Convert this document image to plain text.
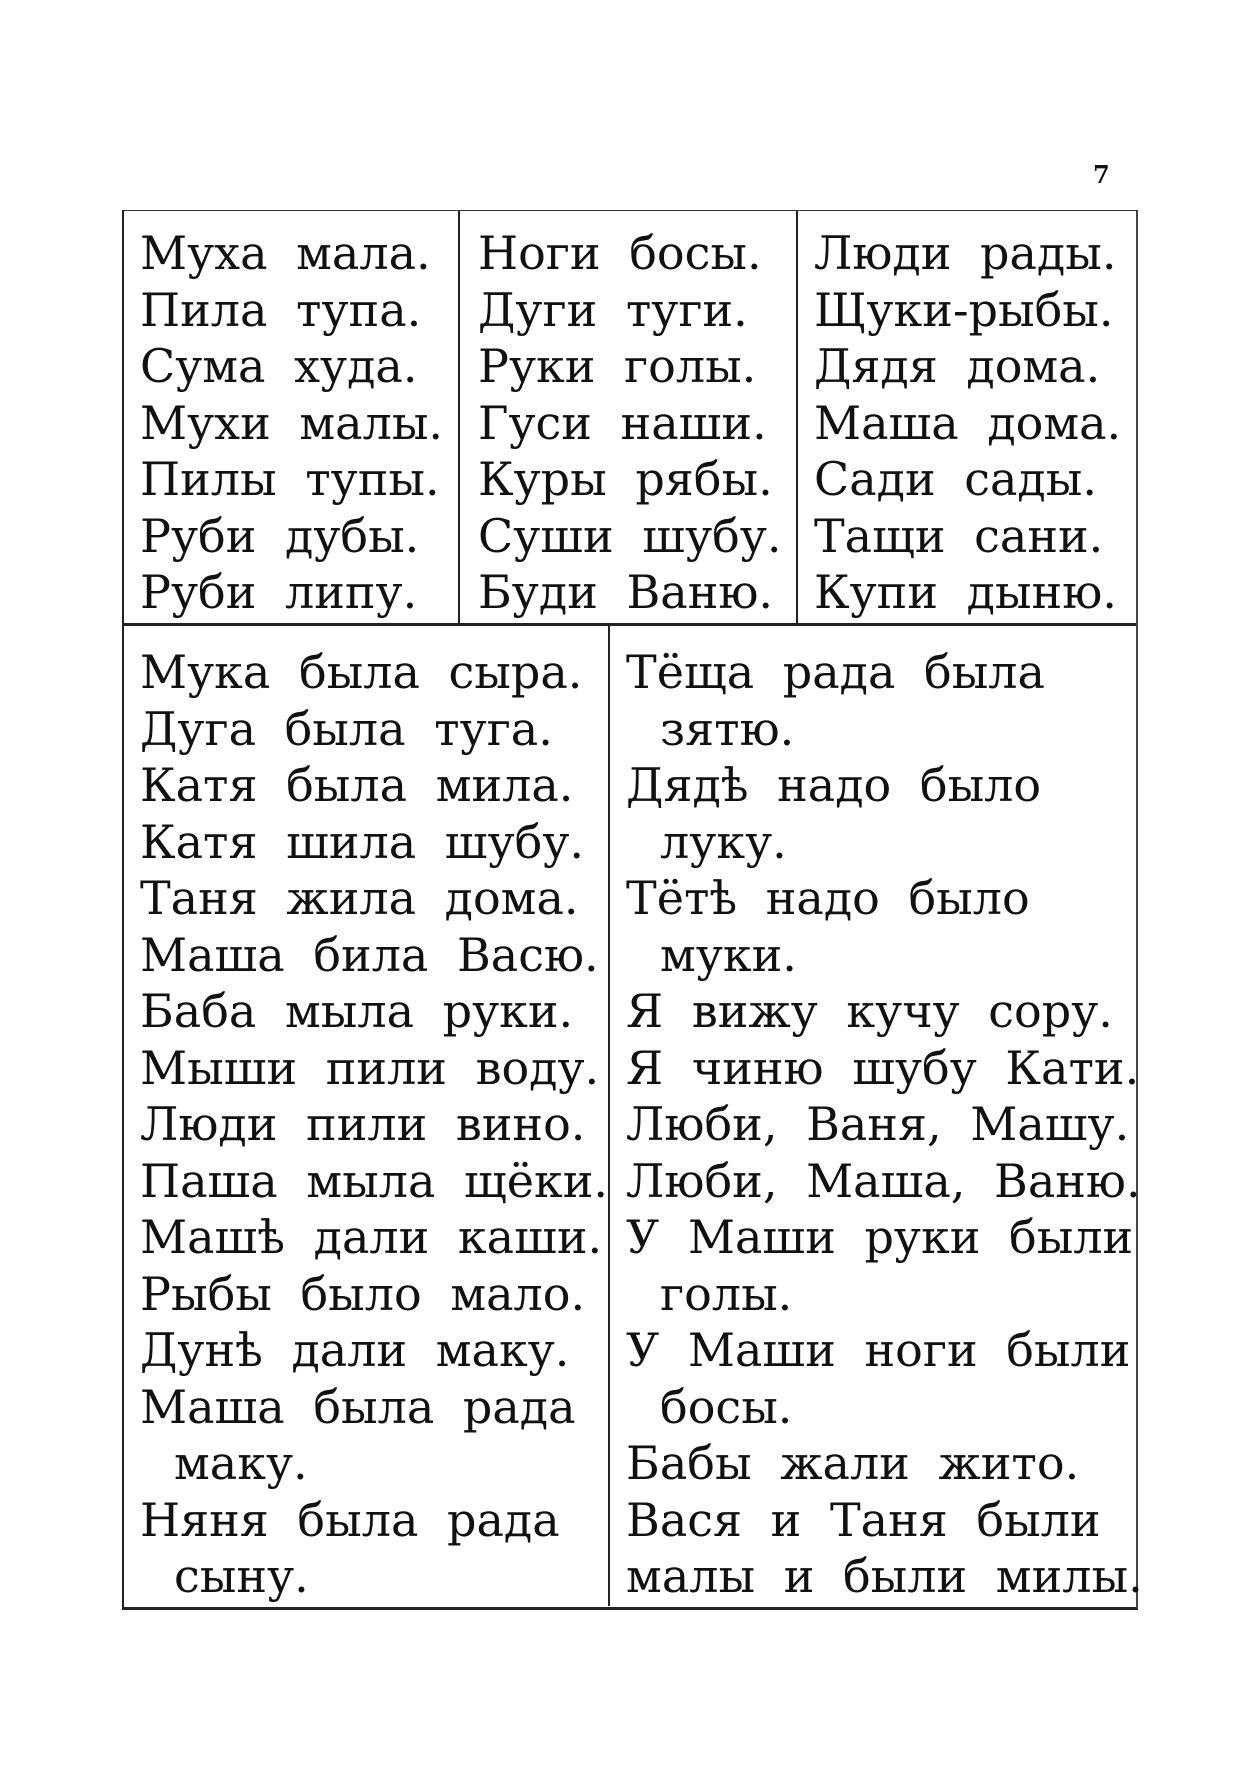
7
Муха мала.
Пила тупа.
Сума худа.
Мухи малы.
Пилы тупы.
Руби дубы.
Руби липу.
Ноги босы.
Дуги туги.
Руки голы.
Гуси наши.
Куры рябы.
Суши шубу.
Буди Ваню.
Люди рады.
Щуки-рыбы.
Дядя дома.
Маша дома.
Сади сады.
Тащи сани.
Купи дыню.
Мука была сыра.
Дуга была туга.
Катя была мила.
Катя шила шубу.
Таня жила дома.
Маша била Васю.
Баба мыла руки.
Мыши пили воду.
Люди пили вино.
Паша мыла щёки.
Машѣ дали каши.
Рыбы было мало.
Дунѣ дали маку.
Маша была рада
маку.
Няня была рада
сыну.
Тёща рада была
зятю.
Дядѣ надо было
луку.
Тётѣ надо было
муки.
Я вижу кучу сору.
Я чиню шубу Кати.
Люби, Ваня, Машу.
Люби, Маша, Ваню.
У Маши руки были
голы.
У Маши ноги были
босы.
Бабы жали жито.
Вася и Таня были
малы и были милы.
